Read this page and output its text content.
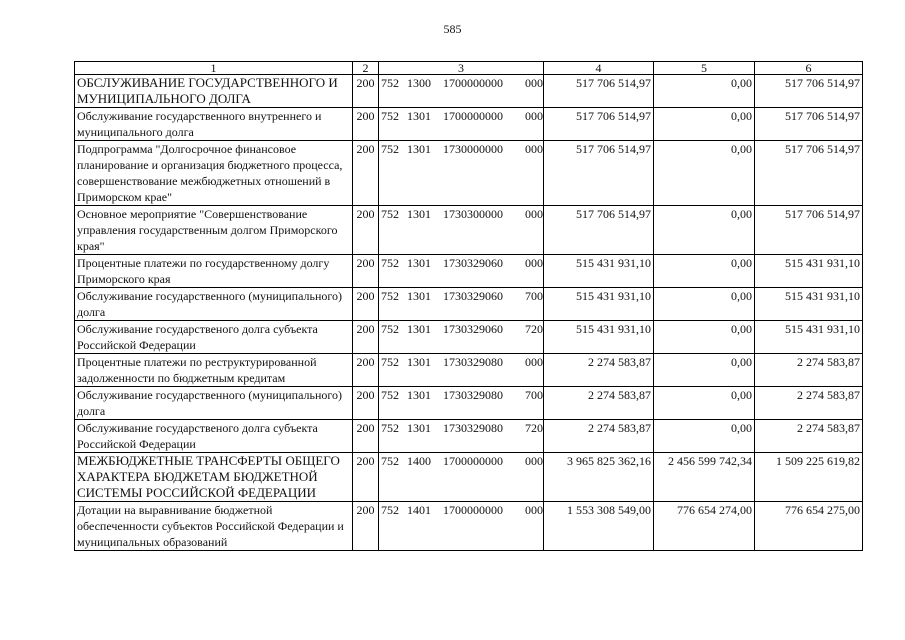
585
1	2	3	4	5	6
ОБСЛУЖИВАНИЕ ГОСУДАРСТВЕННОГО И МУНИЦИПАЛЬНОГО ДОЛГА	200	752 1300 1700000000 000	517 706 514,97	0,00	517 706 514,97
Обслуживание государственного внутреннего и муниципального долга	200	752 1301 1700000000 000	517 706 514,97	0,00	517 706 514,97
Подпрограмма "Долгосрочное финансовое планирование и организация бюджетного процесса, совершенствование межбюджетных отношений в Приморском крае"	200	752 1301 1730000000 000	517 706 514,97	0,00	517 706 514,97
Основное мероприятие "Совершенствование управления государственным долгом Приморского края"	200	752 1301 1730300000 000	517 706 514,97	0,00	517 706 514,97
Процентные платежи по государственному долгу Приморского края	200	752 1301 1730329060 000	515 431 931,10	0,00	515 431 931,10
Обслуживание государственного (муниципального) долга	200	752 1301 1730329060 700	515 431 931,10	0,00	515 431 931,10
Обслуживание государственого долга субъекта Российской Федерации	200	752 1301 1730329060 720	515 431 931,10	0,00	515 431 931,10
Процентные платежи по реструктурированной задолженности по бюджетным кредитам	200	752 1301 1730329080 000	2 274 583,87	0,00	2 274 583,87
Обслуживание государственного (муниципального) долга	200	752 1301 1730329080 700	2 274 583,87	0,00	2 274 583,87
Обслуживание государственого долга субъекта Российской Федерации	200	752 1301 1730329080 720	2 274 583,87	0,00	2 274 583,87
МЕЖБЮДЖЕТНЫЕ ТРАНСФЕРТЫ ОБЩЕГО ХАРАКТЕРА БЮДЖЕТАМ БЮДЖЕТНОЙ СИСТЕМЫ РОССИЙСКОЙ ФЕДЕРАЦИИ	200	752 1400 1700000000 000	3 965 825 362,16	2 456 599 742,34	1 509 225 619,82
Дотации на выравнивание бюджетной обеспеченности субъектов Российской Федерации и муниципальных образований	200	752 1401 1700000000 000	1 553 308 549,00	776 654 274,00	776 654 275,00
